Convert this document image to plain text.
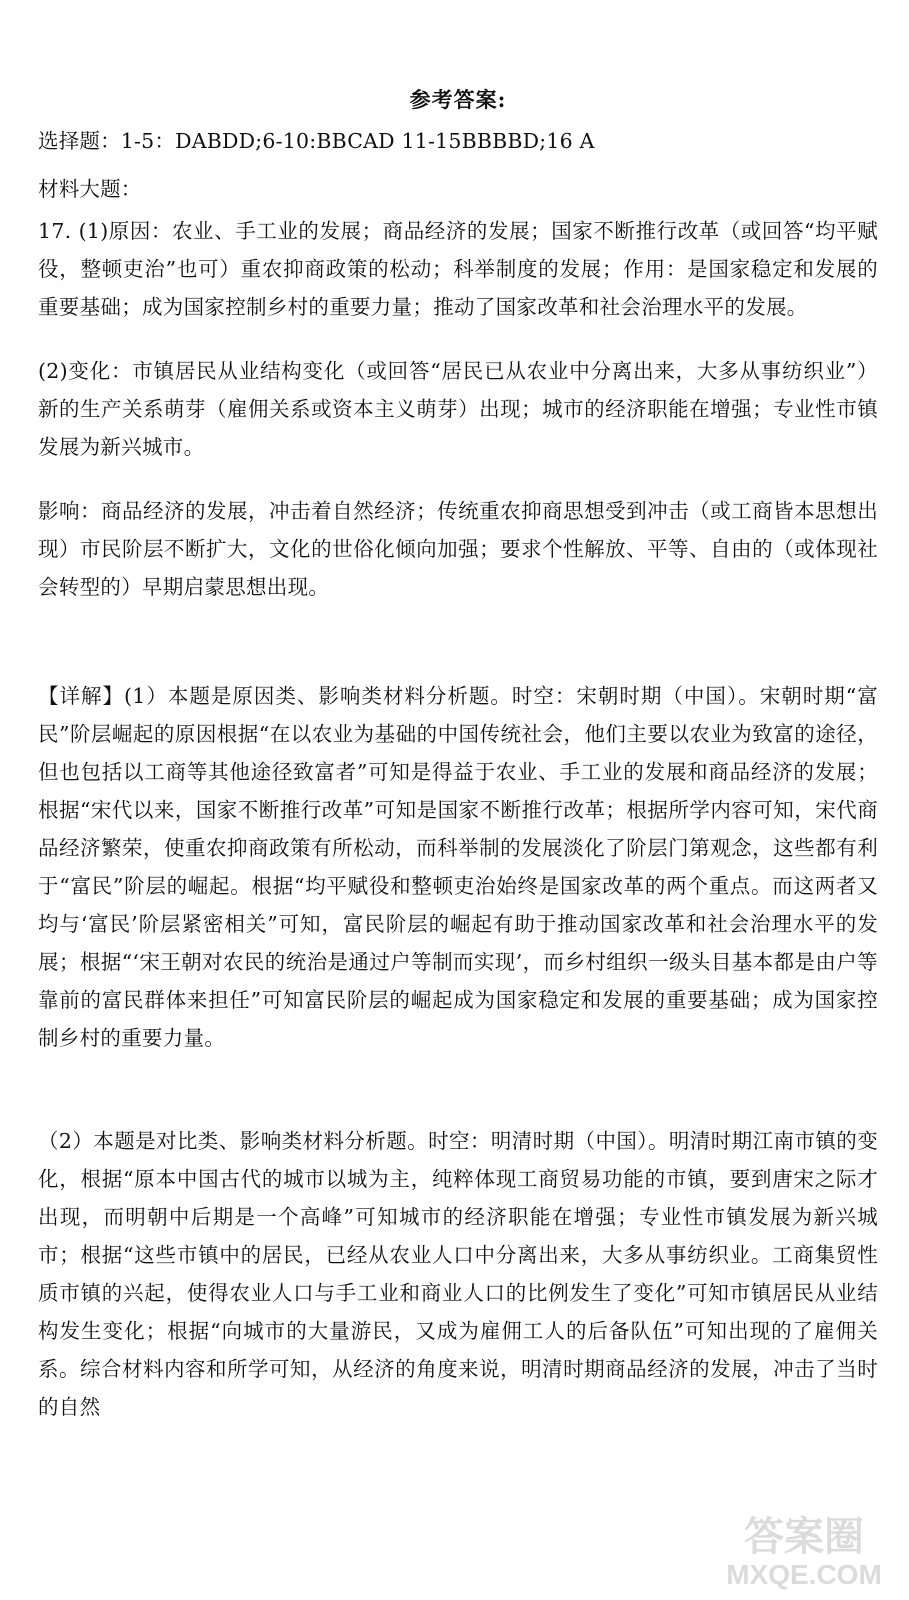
参考答案:
选择题：1-5：DABDD;6-10:BBCAD 11-15BBBBD;16 A
材料大题：
17. (1)原因：农业、手工业的发展；商品经济的发展；国家不断推行改革（或回答“均平赋役，整顿吏治”也可）重农抑商政策的松动；科举制度的发展；作用：是国家稳定和发展的重要基础；成为国家控制乡村的重要力量；推动了国家改革和社会治理水平的发展。
(2)变化：市镇居民从业结构变化（或回答“居民已从农业中分离出来，大多从事纺织业”）新的生产关系萌芽（雇佣关系或资本主义萌芽）出现；城市的经济职能在增强；专业性市镇发展为新兴城市。
影响：商品经济的发展，冲击着自然经济；传统重农抑商思想受到冲击（或工商皆本思想出现）市民阶层不断扩大，文化的世俗化倾向加强；要求个性解放、平等、自由的（或体现社会转型的）早期启蒙思想出现。
【详解】(1）本题是原因类、影响类材料分析题。时空：宋朝时期（中国）。宋朝时期“富民”阶层崛起的原因根据“在以农业为基础的中国传统社会，他们主要以农业为致富的途径，但也包括以工商等其他途径致富者”可知是得益于农业、手工业的发展和商品经济的发展；根据“宋代以来，国家不断推行改革”可知是国家不断推行改革；根据所学内容可知，宋代商品经济繁荣，使重农抑商政策有所松动，而科举制的发展淡化了阶层门第观念，这些都有利于“富民”阶层的崛起。根据“均平赋役和整顿吏治始终是国家改革的两个重点。而这两者又均与‘富民’阶层紧密相关”可知，富民阶层的崛起有助于推动国家改革和社会治理水平的发展；根据“‘宋王朝对农民的统治是通过户等制而实现’，而乡村组织一级头目基本都是由户等靠前的富民群体来担任”可知富民阶层的崛起成为国家稳定和发展的重要基础；成为国家控制乡村的重要力量。
（2）本题是对比类、影响类材料分析题。时空：明清时期（中国）。明清时期江南市镇的变化，根据“原本中国古代的城市以城为主，纯粹体现工商贸易功能的市镇，要到唐宋之际才出现，而明朝中后期是一个高峰”可知城市的经济职能在增强；专业性市镇发展为新兴城市；根据“这些市镇中的居民，已经从农业人口中分离出来，大多从事纺织业。工商集贸性质市镇的兴起，使得农业人口与手工业和商业人口的比例发生了变化”可知市镇居民从业结构发生变化；根据“向城市的大量游民，又成为雇佣工人的后备队伍”可知出现的了雇佣关系。综合材料内容和所学可知，从经济的角度来说，明清时期商品经济的发展，冲击了当时的自然
答案圈
MXQE.COM
